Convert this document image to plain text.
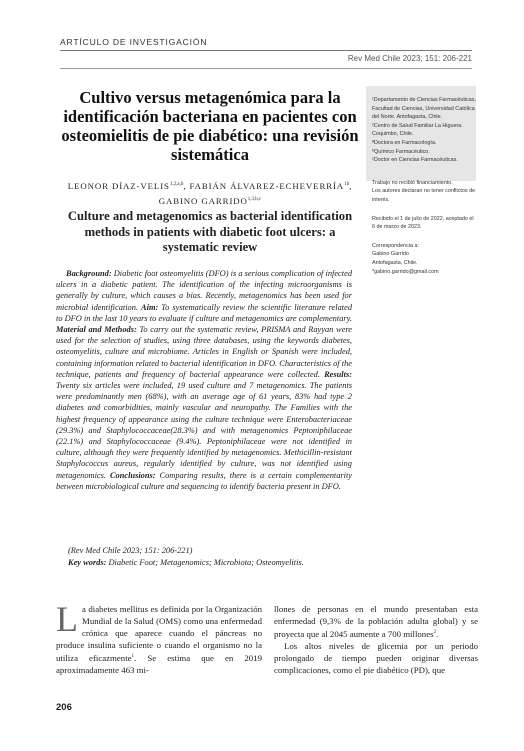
ARTÍCULO DE INVESTIGACIÓN
Rev Med Chile 2023; 151: 206-221
Cultivo versus metagenómica para la identificación bacteriana en pacientes con osteomielitis de pie diabético: una revisión sistemática
LEONOR DÍAZ-VELIS$^{1,2,a,b}$, FABIÁN ÁLVAREZ-$ECHEVERRÍA^{1b}$,
GABINO GARRIDO$^{1,3,b,c}$
Culture and metagenomics as bacterial identification methods in patients with diabetic foot ulcers: a systematic review

¹Departamento de Ciencias Farmacéuticas, Facultad de Ciencias, Universidad Católica del Norte. Antofagasta, Chile.

²Centro de Salud Familiar La Higuera. Coquimbo, Chile.

ªDoctora en Farmacología.

ᵇQuímico Farmacéutico.

ᶜDoctor en Ciencias Farmacéuticas.

Trabajo no recibió financiamiento.

Los autores declaran no tener conflictos de interés.

Recibido el 1 de julio de 2022, aceptado el 6 de marzo de 2023.

Correspondencia a:

Gabino Garrido

Antofagasta, Chile.

*gabino.garrido@gmail.com

Background: Diabetic foot osteomyelitis (DFO) is a serious complication of infected ulcers in a diabetic patient. The identification of the infecting microorganisms is generally by culture, which causes a bias. Recently, metagenomics has been used for microbial identification. Aim: To systematically review the scientific literature related to DFO in the last 10 years to evaluate if culture and metagenomics are complementary. Material and Methods: To carry out the systematic review, PRISMA and Rayyan were used for the selection of studies, using three databases, using the keywords diabetes, osteomyelitis, culture and microbiome. Articles in English or Spanish were included, containing information related to bacterial identification in DFO. Characteristics of the technique, patients and frequency of bacterial appearance were collected. Results: Twenty six articles were included, 19 used culture and 7 metagenomics. The patients were predominantly men (68%), with an average age of 61 years, 83% had type 2 diabetes and comorbidities, mainly vascular and neuropathy. The Families with the highest frequency of appearance using the culture technique were Enterobacteriaceae (29.3%) and Staphylococcaceae(28.3%) and with metagenomics Peptoniphilaceae (22.1%) and Staphylococcaceae (9.4%). Peptoniphilaceae were not identified in culture, although they were frequently identified by metagenomics. Methicillin-resistant Staphylococcus aureus, regularly identified by culture, was not identified using metagenomics. Conclusions: Comparing results, there is a certain complementarity between microbiological culture and sequencing to identify bacteria present in DFO.
(Rev Med Chile 2023; 151: 206-221)
Key words: Diabetic Foot; Metagenomics; Microbiota; Osteomyelitis.
La diabetes mellitus es definida por la Organización Mundial de la Salud (OMS) como una enfermedad crónica que aparece cuando el páncreas no produce insulina suficiente o cuando el organismo no la utiliza eficazmente$^1$. Se estima que en 2019 aproximadamente 463 mi-

llones de personas en el mundo presentaban esta enfermedad (9,3% de la población adulta global) y se proyecta que al 2045 aumente a 700 millones$^2$.

Los altos niveles de glicemia por un periodo prolongado de tiempo pueden originar diversas complicaciones, como el pie diabético (PD), que

206
